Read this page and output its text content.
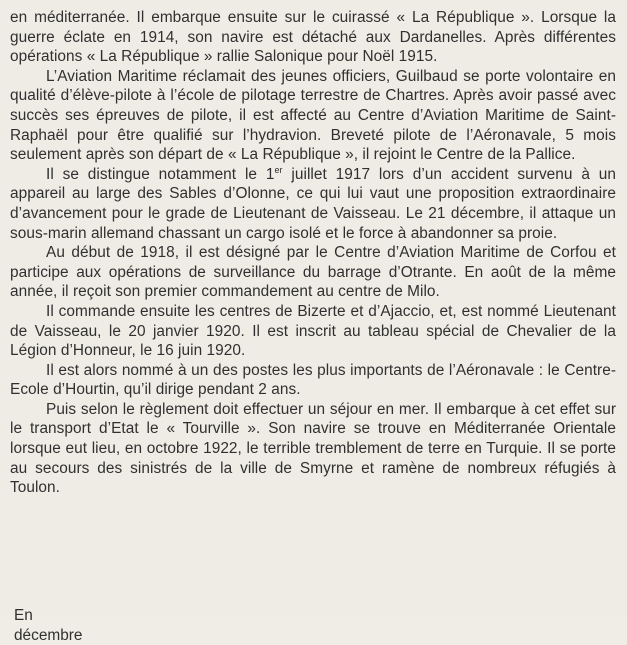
en méditerranée. Il embarque ensuite sur le cuirassé « La République ». Lorsque la guerre éclate en 1914, son navire est détaché aux Dardanelles. Après différentes opérations « La République » rallie Salonique pour Noël 1915.

L’Aviation Maritime réclamait des jeunes officiers, Guilbaud se porte volontaire en qualité d’élève-pilote à l’école de pilotage terrestre de Chartres. Après avoir passé avec succès ses épreuves de pilote, il est affecté au Centre d’Aviation Maritime de Saint-Raphaël pour être qualifié sur l’hydravion. Breveté pilote de l’Aéronavale, 5 mois seulement après son départ de « La République », il rejoint le Centre de la Pallice.

Il se distingue notamment le 1er juillet 1917 lors d’un accident survenu à un appareil au large des Sables d’Olonne, ce qui lui vaut une proposition extraordinaire d’avancement pour le grade de Lieutenant de Vaisseau. Le 21 décembre, il attaque un sous-marin allemand chassant un cargo isolé et le force à abandonner sa proie.

Au début de 1918, il est désigné par le Centre d’Aviation Maritime de Corfou et participe aux opérations de surveillance du barrage d’Otrante. En août de la même année, il reçoit son premier commandement au centre de Milo.

Il commande ensuite les centres de Bizerte et d’Ajaccio, et, est nommé Lieutenant de Vaisseau, le 20 janvier 1920. Il est inscrit au tableau spécial de Chevalier de la Légion d’Honneur, le 16 juin 1920.

Il est alors nommé à un des postes les plus importants de l’Aéronavale : le Centre-Ecole d’Hourtin, qu’il dirige pendant 2 ans.

Puis selon le règlement doit effectuer un séjour en mer. Il embarque à cet effet sur le transport d’Etat le « Tourville ». Son navire se trouve en Méditerranée Orientale lorsque eut lieu, en octobre 1922, le terrible tremblement de terre en Turquie. Il se porte au secours des sinistrés de la ville de Smyrne et ramène de nombreux réfugiés à Toulon.

En décembre
